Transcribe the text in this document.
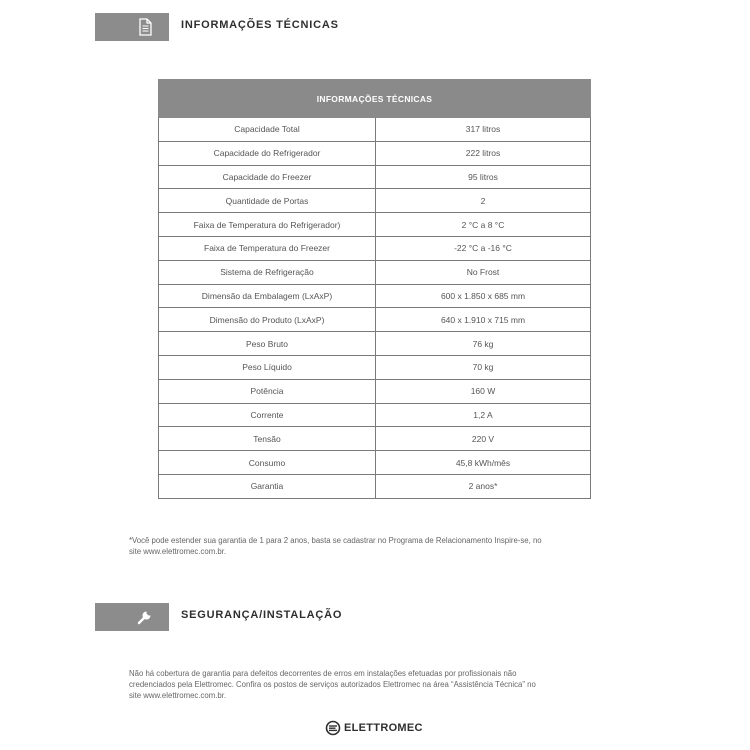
INFORMAÇÕES TÉCNICAS
INFORMAÇÕES TÉCNICAS	
Capacidade Total	317 litros
Capacidade do Refrigerador	222 litros
Capacidade do Freezer	95 litros
Quantidade de Portas	2
Faixa de Temperatura do Refrigerador)	2 °C a 8 °C
Faixa de Temperatura do Freezer	-22 °C a -16 °C
Sistema de Refrigeração	No Frost
Dimensão da Embalagem (LxAxP)	600 x 1.850 x 685 mm
Dimensão do Produto (LxAxP)	640 x 1.910 x 715 mm
Peso Bruto	76 kg
Peso Líquido	70 kg
Potência	160 W
Corrente	1,2 A
Tensão	220 V
Consumo	45,8 kWh/mês
Garantia	2 anos*
*Você pode estender sua garantia de 1 para 2 anos, basta se cadastrar no Programa de Relacionamento Inspire-se, no
site www.elettromec.com.br.
SEGURANÇA/INSTALAÇÃO
Não há cobertura de garantia para defeitos decorrentes de erros em instalações efetuadas por profissionais não
credenciados pela Elettromec. Confira os postos de serviços autorizados Elettromec na área “Assistência Técnica” no
site www.elettromec.com.br.
ELETTROMEC
